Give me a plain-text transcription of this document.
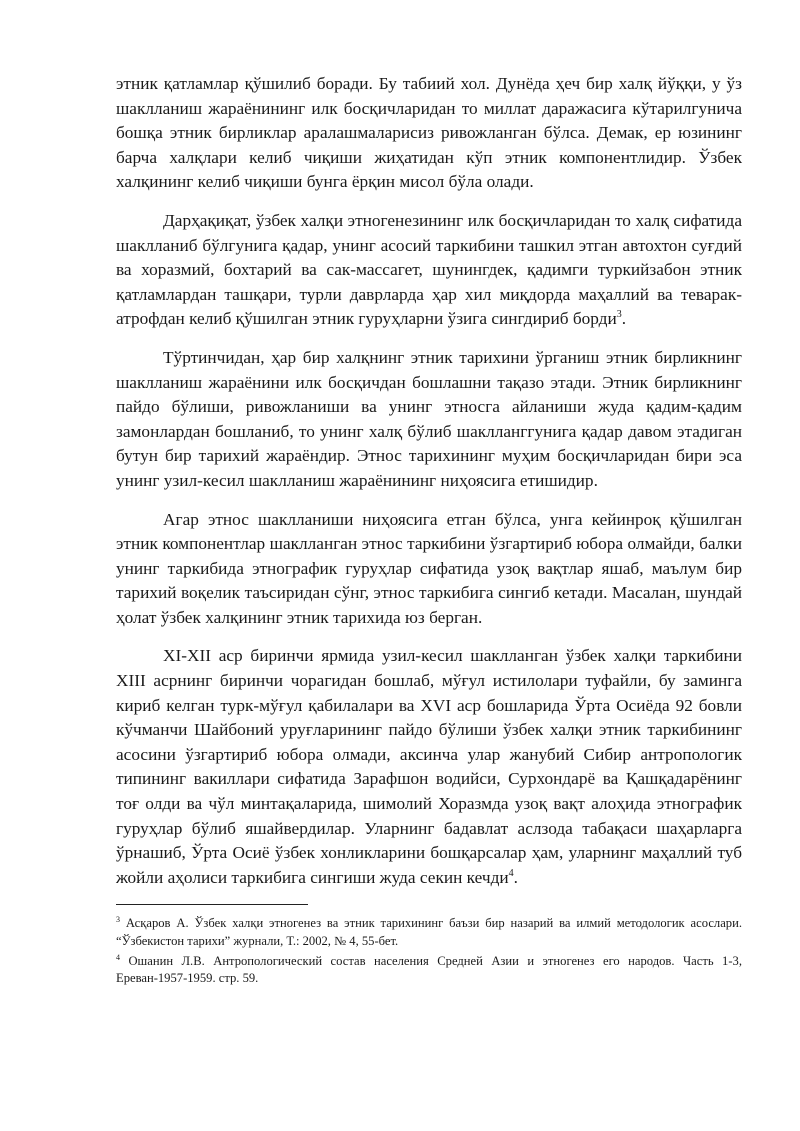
этник қатламлар қўшилиб боради. Бу табиий хол. Дунёда ҳеч бир халқ йўққи, у ўз шаклланиш жараёнининг илк босқичларидан то миллат даражасига кўтарилгунича бошқа этник бирликлар аралашмаларисиз ривожланган бўлса. Демак, ер юзининг барча халқлари келиб чиқиши жиҳатидан кўп этник компонентлидир. Ўзбек халқининг келиб чиқиши бунга ёрқин мисол бўла олади.

Дарҳақиқат, ўзбек халқи этногенезининг илк босқичларидан то халқ сифатида шаклланиб бўлгунига қадар, унинг асосий таркибини ташкил этган автохтон суғдий ва хоразмий, бохтарий ва сак-массагет, шунингдек, қадимги туркийзабон этник қатламлардан ташқари, турли даврларда ҳар хил миқдорда маҳаллий ва теварак-атрофдан келиб қўшилган этник гуруҳларни ўзига сингдириб борди$^3$.

Тўртинчидан, ҳар бир халқнинг этник тарихини ўрганиш этник бирликнинг шаклланиш жараёнини илк босқичдан бошлашни тақазо этади. Этник бирликнинг пайдо бўлиши, ривожланиши ва унинг этносга айланиши жуда қадим-қадим замонлардан бошланиб, то унинг халқ бўлиб шаклланггунига қадар давом этадиган бутун бир тарихий жараёндир. Этнос тарихининг муҳим босқичларидан бири эса унинг узил-кесил шаклланиш жараёнининг ниҳоясига етишидир.

Агар этнос шаклланиши ниҳоясига етган бўлса, унга кейинроқ қўшилган этник компонентлар шаклланган этнос таркибини ўзгартириб юбора олмайди, балки унинг таркибида этнографик гуруҳлар сифатида узоқ вақтлар яшаб, маълум бир тарихий воқелик таъсиридан сўнг, этнос таркибига сингиб кетади. Масалан, шундай ҳолат ўзбек халқининг этник тарихида юз берган.

XI-XII аср биринчи ярмида узил-кесил шаклланган ўзбек халқи таркибини XIII асрнинг биринчи чорагидан бошлаб, мўғул истилолари туфайли, бу заминга кириб келган турк-мўғул қабилалари ва XVI аср бошларида Ўрта Осиёда 92 бовли кўчманчи Шайбоний уруғларининг пайдо бўлиши ўзбек халқи этник таркибининг асосини ўзгартириб юбора олмади, аксинча улар жанубий Сибир антропологик типининг вакиллари сифатида Зарафшон водийси, Сурхондарё ва Қашқадарёнинг тоғ олди ва чўл минтақаларида, шимолий Хоразмда узоқ вақт алоҳида этнографик гуруҳлар бўлиб яшайвердилар. Уларнинг бадавлат аслзода табақаси шаҳарларга ўрнашиб, Ўрта Осиё ўзбек хонликларини бошқарсалар ҳам, уларнинг маҳаллий туб жойли аҳолиси таркибига сингиши жуда секин кечди$^4$.

$^3$ Асқаров А. Ўзбек халқи этногенез ва этник тарихининг баъзи бир назарий ва илмий методологик асослари. “Ўзбекистон тарихи” журнали, Т.: 2002, № 4, 55-бет.

$^4$ Ошанин Л.В. Антропологический состав населения Средней Азии и этногенез его народов. Часть 1-3, Ереван-1957-1959. стр. 59.
